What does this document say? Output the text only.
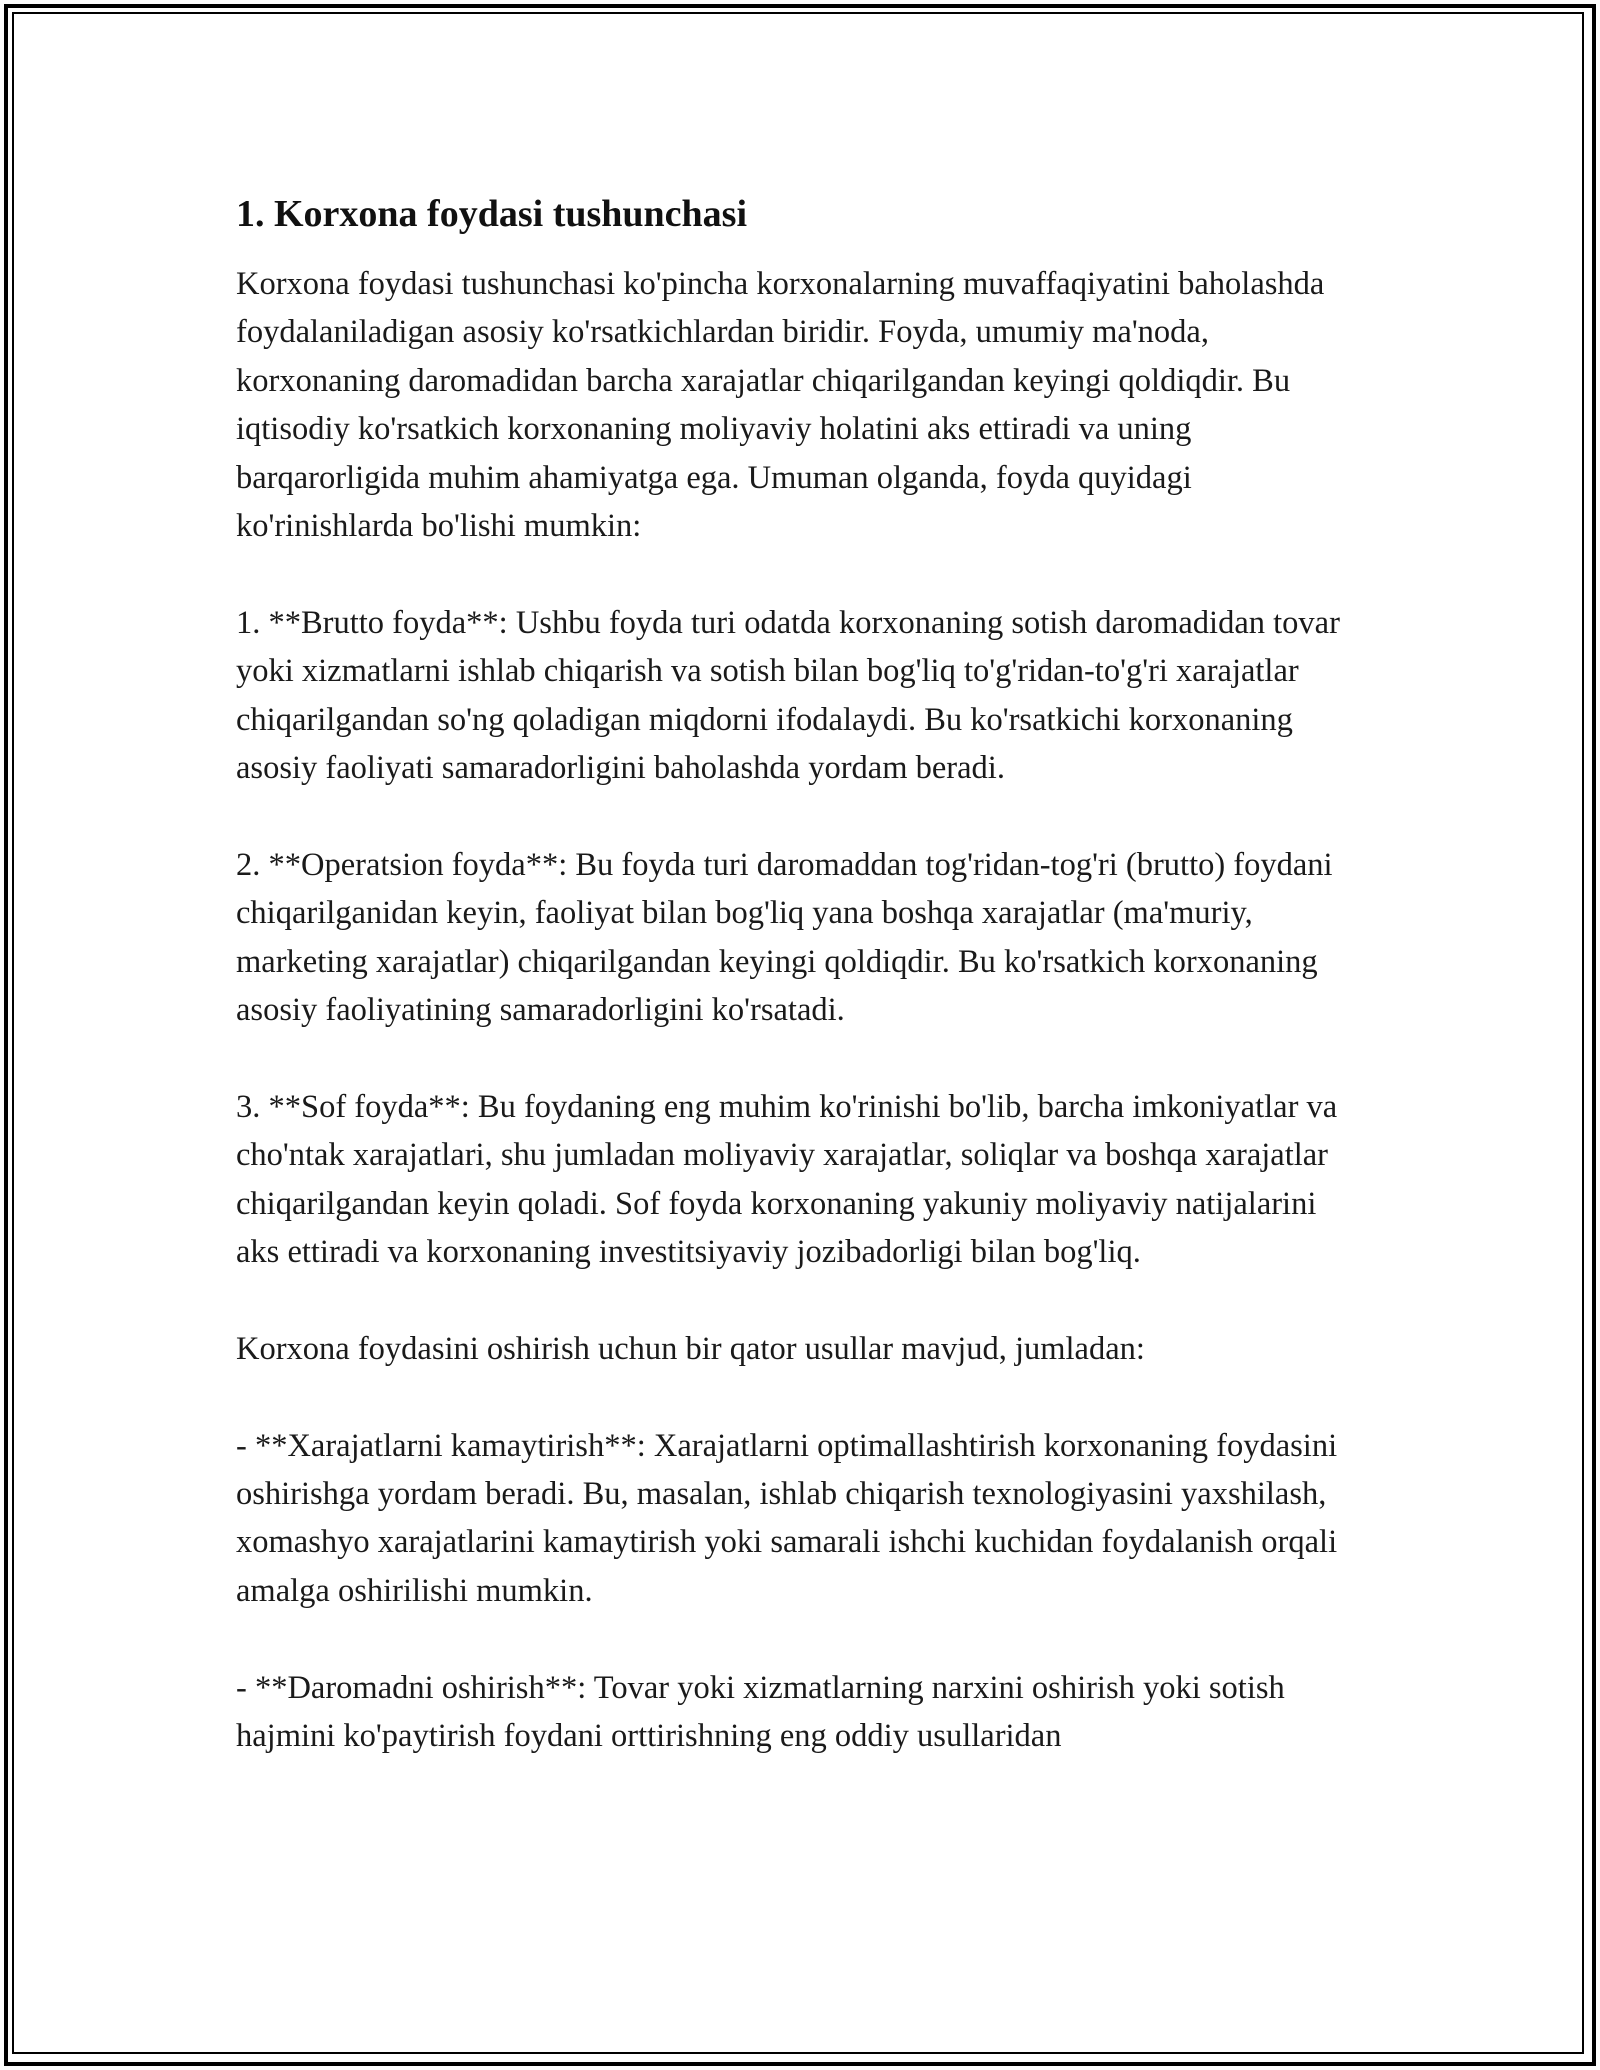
1. Korxona foydasi tushunchasi

Korxona foydasi tushunchasi ko'pincha korxonalarning muvaffaqiyatini baholashda foydalaniladigan asosiy ko'rsatkichlardan biridir. Foyda, umumiy ma'noda, korxonaning daromadidan barcha xarajatlar chiqarilgandan keyingi qoldiqdir. Bu iqtisodiy ko'rsatkich korxonaning moliyaviy holatini aks ettiradi va uning barqarorligida muhim ahamiyatga ega. Umuman olganda, foyda quyidagi ko'rinishlarda bo'lishi mumkin:

1. **Brutto foyda**: Ushbu foyda turi odatda korxonaning sotish daromadidan tovar yoki xizmatlarni ishlab chiqarish va sotish bilan bog'liq to'g'ridan-to'g'ri xarajatlar chiqarilgandan so'ng qoladigan miqdorni ifodalaydi. Bu ko'rsatkichi korxonaning asosiy faoliyati samaradorligini baholashda yordam beradi.

2. **Operatsion foyda**: Bu foyda turi daromaddan tog'ridan-tog'ri (brutto) foydani chiqarilganidan keyin, faoliyat bilan bog'liq yana boshqa xarajatlar (ma'muriy, marketing xarajatlar) chiqarilgandan keyingi qoldiqdir. Bu ko'rsatkich korxonaning asosiy faoliyatining samaradorligini ko'rsatadi.

3. **Sof foyda**: Bu foydaning eng muhim ko'rinishi bo'lib, barcha imkoniyatlar va cho'ntak xarajatlari, shu jumladan moliyaviy xarajatlar, soliqlar va boshqa xarajatlar chiqarilgandan keyin qoladi. Sof foyda korxonaning yakuniy moliyaviy natijalarini aks ettiradi va korxonaning investitsiyaviy jozibadorligi bilan bog'liq.

Korxona foydasini oshirish uchun bir qator usullar mavjud, jumladan:

- **Xarajatlarni kamaytirish**: Xarajatlarni optimallashtirish korxonaning foydasini oshirishga yordam beradi. Bu, masalan, ishlab chiqarish texnologiyasini yaxshilash, xomashyo xarajatlarini kamaytirish yoki samarali ishchi kuchidan foydalanish orqali amalga oshirilishi mumkin.

- **Daromadni oshirish**: Tovar yoki xizmatlarning narxini oshirish yoki sotish hajmini ko'paytirish foydani orttirishning eng oddiy usullaridan
